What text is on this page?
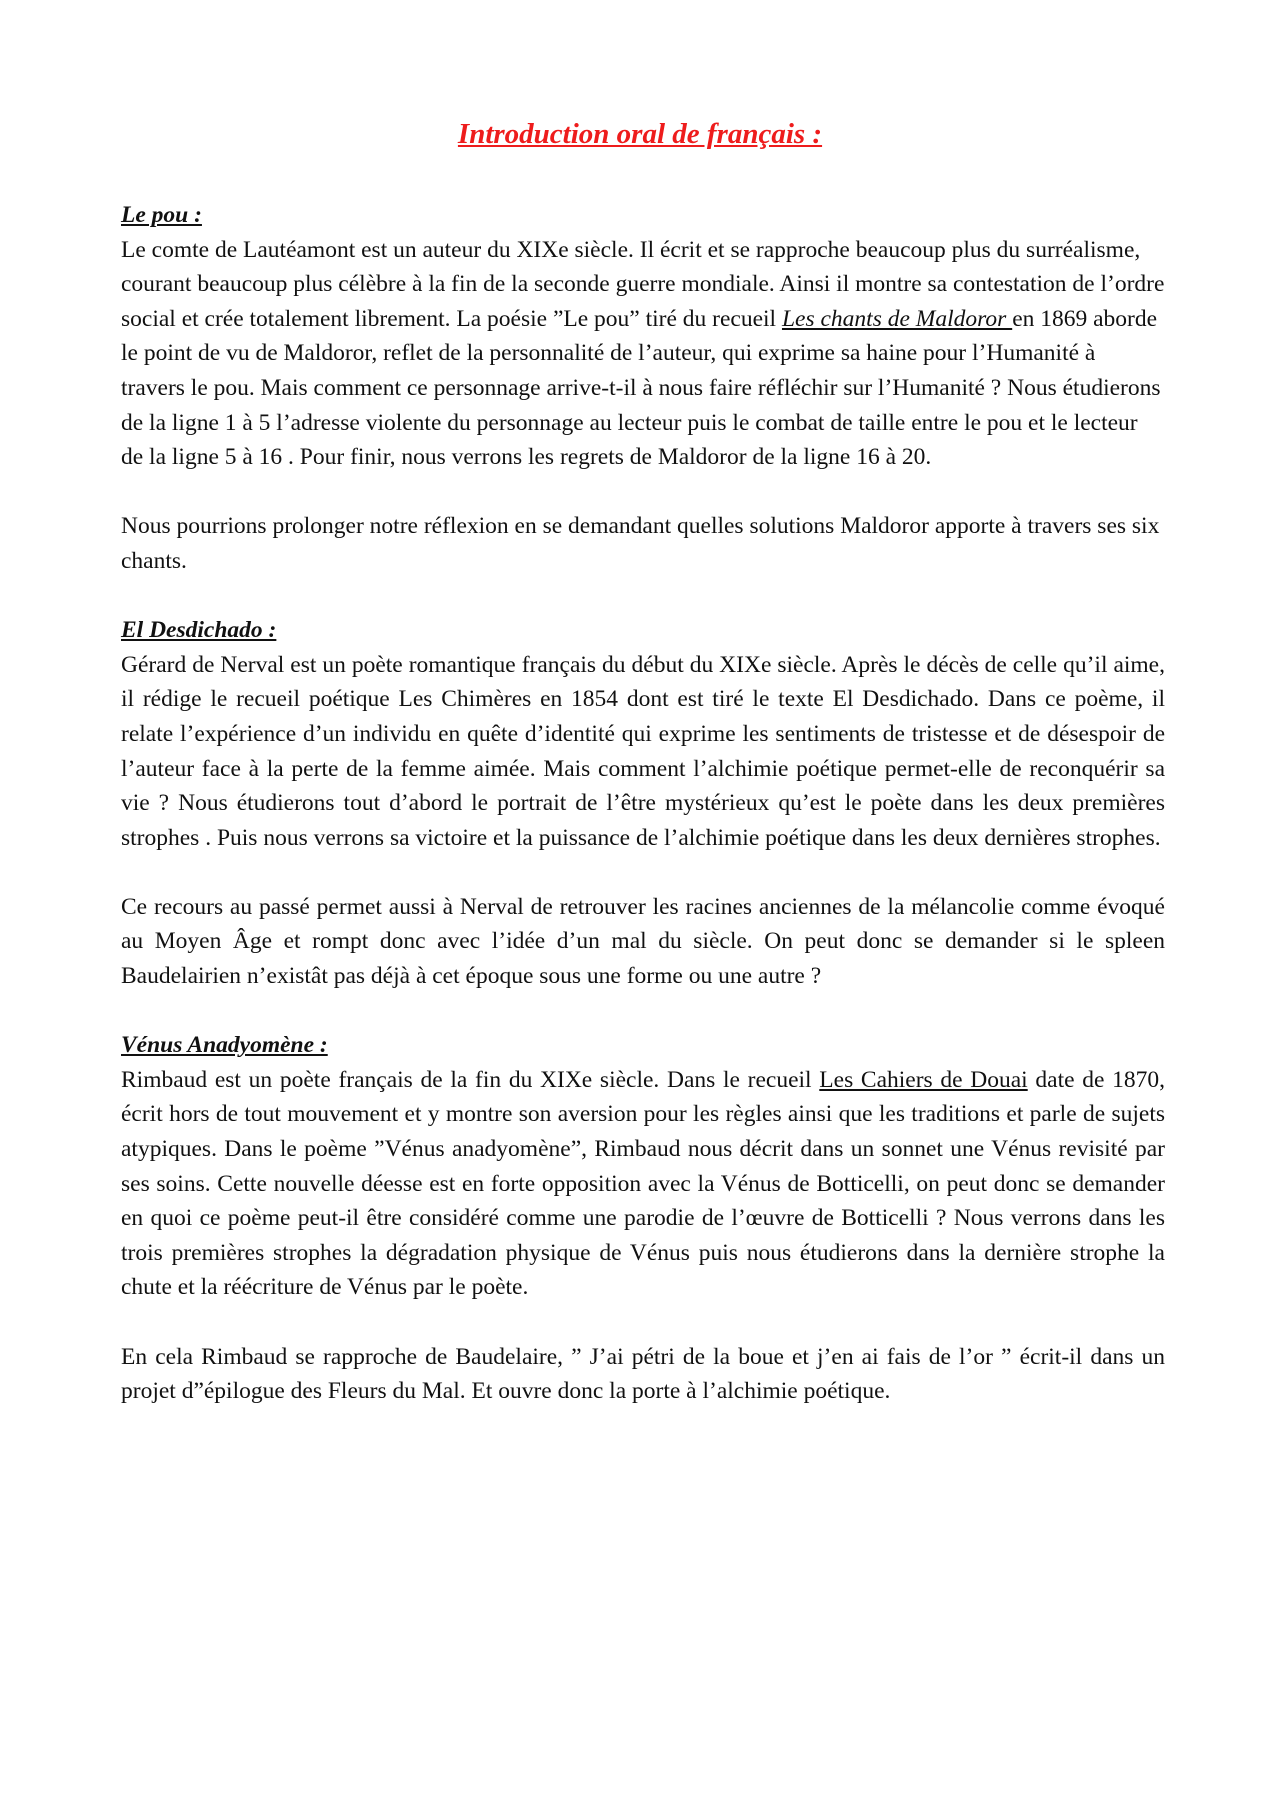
Introduction oral de français :

Le pou :

Le comte de Lautéamont est un auteur du XIXe siècle. Il écrit et se rapproche beaucoup plus du surréalisme, courant beaucoup plus célèbre à la fin de la seconde guerre mondiale. Ainsi il montre sa contestation de l’ordre social et crée totalement librement. La poésie ”Le pou” tiré du recueil Les chants de Maldoror en 1869 aborde le point de vu de Maldoror, reflet de la personnalité de l’auteur, qui exprime sa haine pour l’Humanité à travers le pou. Mais comment ce personnage arrive-t-il à nous faire réfléchir sur l’Humanité ? Nous étudierons de la ligne 1 à 5 l’adresse violente du personnage au lecteur puis le combat de taille entre le pou et le lecteur de la ligne 5 à 16 . Pour finir, nous verrons les regrets de Maldoror de la ligne 16 à 20.

Nous pourrions prolonger notre réflexion en se demandant quelles solutions Maldoror apporte à travers ses six chants.

El Desdichado :

Gérard de Nerval est un poète romantique français du début du XIXe siècle. Après le décès de celle qu’il aime, il rédige le recueil poétique Les Chimères en 1854 dont est tiré le texte El Desdichado. Dans ce poème, il relate l’expérience d’un individu en quête d’identité qui exprime les sentiments de tristesse et de désespoir de l’auteur face à la perte de la femme aimée. Mais comment l’alchimie poétique permet-elle de reconquérir sa vie ? Nous étudierons tout d’abord le portrait de l’être mystérieux qu’est le poète dans les deux premières strophes . Puis nous verrons sa victoire et la puissance de l’alchimie poétique dans les deux dernières strophes.

Ce recours au passé permet aussi à Nerval de retrouver les racines anciennes de la mélancolie comme évoqué au Moyen Âge et rompt donc avec l’idée d’un mal du siècle. On peut donc se demander si le spleen Baudelairien n’existât pas déjà à cet époque sous une forme ou une autre ?

Vénus Anadyomène :

Rimbaud est un poète français de la fin du XIXe siècle. Dans le recueil Les Cahiers de Douai date de 1870, écrit hors de tout mouvement et y montre son aversion pour les règles ainsi que les traditions et parle de sujets atypiques. Dans le poème ”Vénus anadyomène”, Rimbaud nous décrit dans un sonnet une Vénus revisité par ses soins. Cette nouvelle déesse est en forte opposition avec la Vénus de Botticelli, on peut donc se demander en quoi ce poème peut-il être considéré comme une parodie de l’œuvre de Botticelli ? Nous verrons dans les trois premières strophes la dégradation physique de Vénus puis nous étudierons dans la dernière strophe la chute et la réécriture de Vénus par le poète.

En cela Rimbaud se rapproche de Baudelaire, ” J’ai pétri de la boue et j’en ai fais de l’or ” écrit-il dans un projet d”épilogue des Fleurs du Mal. Et ouvre donc la porte à l’alchimie poétique.
